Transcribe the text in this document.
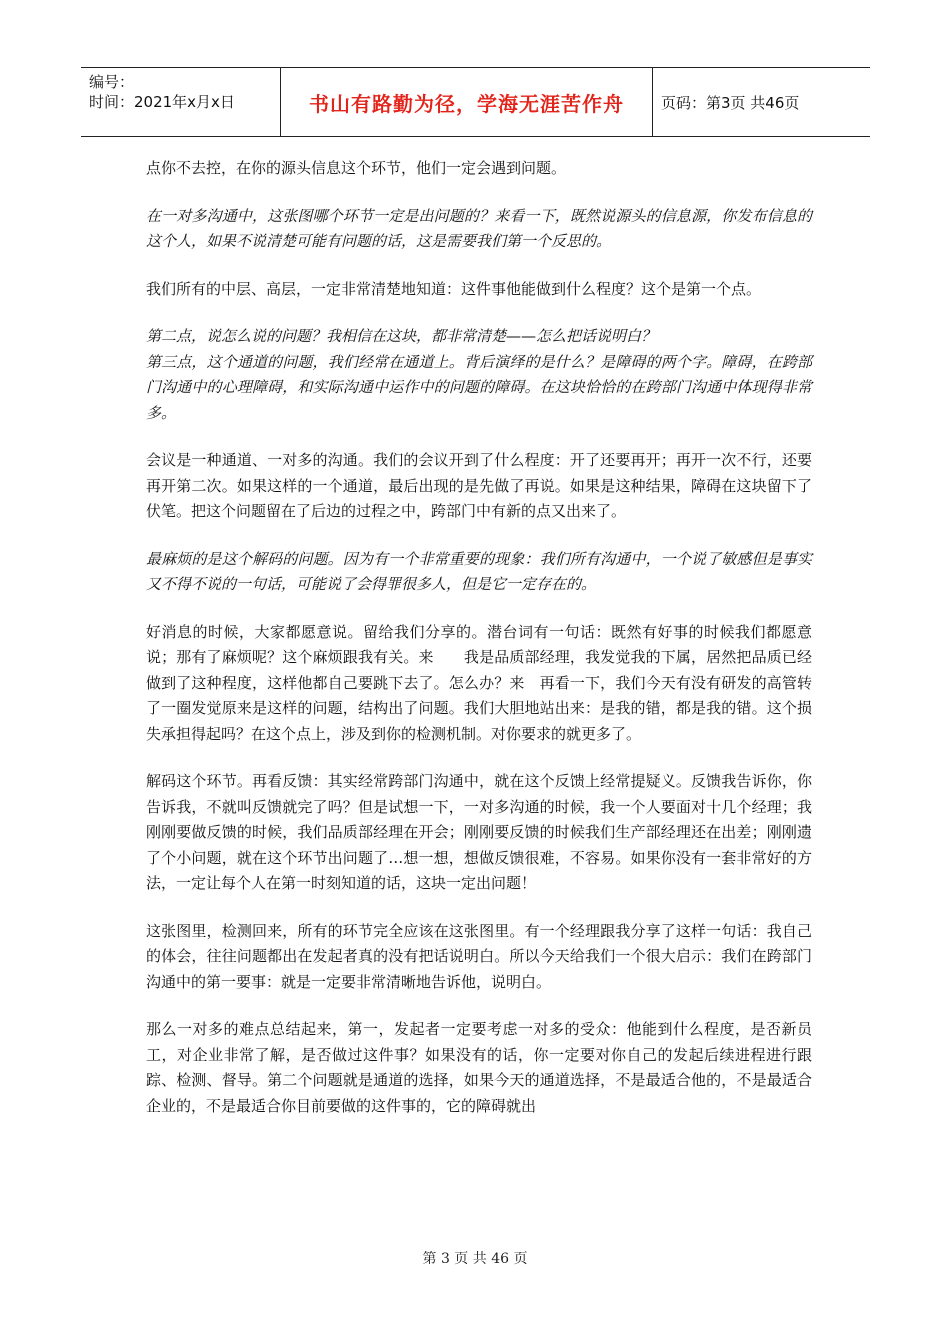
编号：
时间：2021年x月x日	书山有路勤为径，学海无涯苦作舟 页码：第3页 共46页

点你不去控，在你的源头信息这个环节，他们一定会遇到问题。

在一对多沟通中，这张图哪个环节一定是出问题的？来看一下，既然说源头的信息源，你发布信息的这个人，如果不说清楚可能有问题的话，这是需要我们第一个反思的。

我们所有的中层、高层，一定非常清楚地知道：这件事他能做到什么程度？这个是第一个点。

第二点，说怎么说的问题？我相信在这块，都非常清楚——怎么把话说明白？

第三点，这个通道的问题，我们经常在通道上。背后演绎的是什么？是障碍的两个字。障碍，在跨部门沟通中的心理障碍，和实际沟通中运作中的问题的障碍。在这块恰恰的在跨部门沟通中体现得非常多。

会议是一种通道、一对多的沟通。我们的会议开到了什么程度：开了还要再开；再开一次不行，还要再开第二次。如果这样的一个通道，最后出现的是先做了再说。如果是这种结果，障碍在这块留下了伏笔。把这个问题留在了后边的过程之中，跨部门中有新的点又出来了。

最麻烦的是这个解码的问题。因为有一个非常重要的现象：我们所有沟通中，一个说了敏感但是事实又不得不说的一句话，可能说了会得罪很多人，但是它一定存在的。

好消息的时候，大家都愿意说。留给我们分享的。潜台词有一句话：既然有好事的时候我们都愿意说；那有了麻烦呢？这个麻烦跟我有关。来　　我是品质部经理，我发觉我的下属，居然把品质已经做到了这种程度，这样他都自己要跳下去了。怎么办？来　再看一下，我们今天有没有研发的高管转了一圈发觉原来是这样的问题，结构出了问题。我们大胆地站出来：是我的错，都是我的错。这个损失承担得起吗？在这个点上，涉及到你的检测机制。对你要求的就更多了。

解码这个环节。再看反馈：其实经常跨部门沟通中，就在这个反馈上经常提疑义。反馈我告诉你，你告诉我，不就叫反馈就完了吗？但是试想一下，一对多沟通的时候，我一个人要面对十几个经理；我刚刚要做反馈的时候，我们品质部经理在开会；刚刚要反馈的时候我们生产部经理还在出差；刚刚遗了个小问题，就在这个环节出问题了…想一想，想做反馈很难，不容易。如果你没有一套非常好的方法，一定让每个人在第一时刻知道的话，这块一定出问题！

这张图里，检测回来，所有的环节完全应该在这张图里。有一个经理跟我分享了这样一句话：我自己的体会，往往问题都出在发起者真的没有把话说明白。所以今天给我们一个很大启示：我们在跨部门沟通中的第一要事：就是一定要非常清晰地告诉他，说明白。

那么一对多的难点总结起来，第一，发起者一定要考虑一对多的受众：他能到什么程度，是否新员工，对企业非常了解，是否做过这件事？如果没有的话，你一定要对你自己的发起后续进程进行跟踪、检测、督导。第二个问题就是通道的选择，如果今天的通道选择，不是最适合他的，不是最适合企业的，不是最适合你目前要做的这件事的，它的障碍就出

第 3 页 共 46 页
